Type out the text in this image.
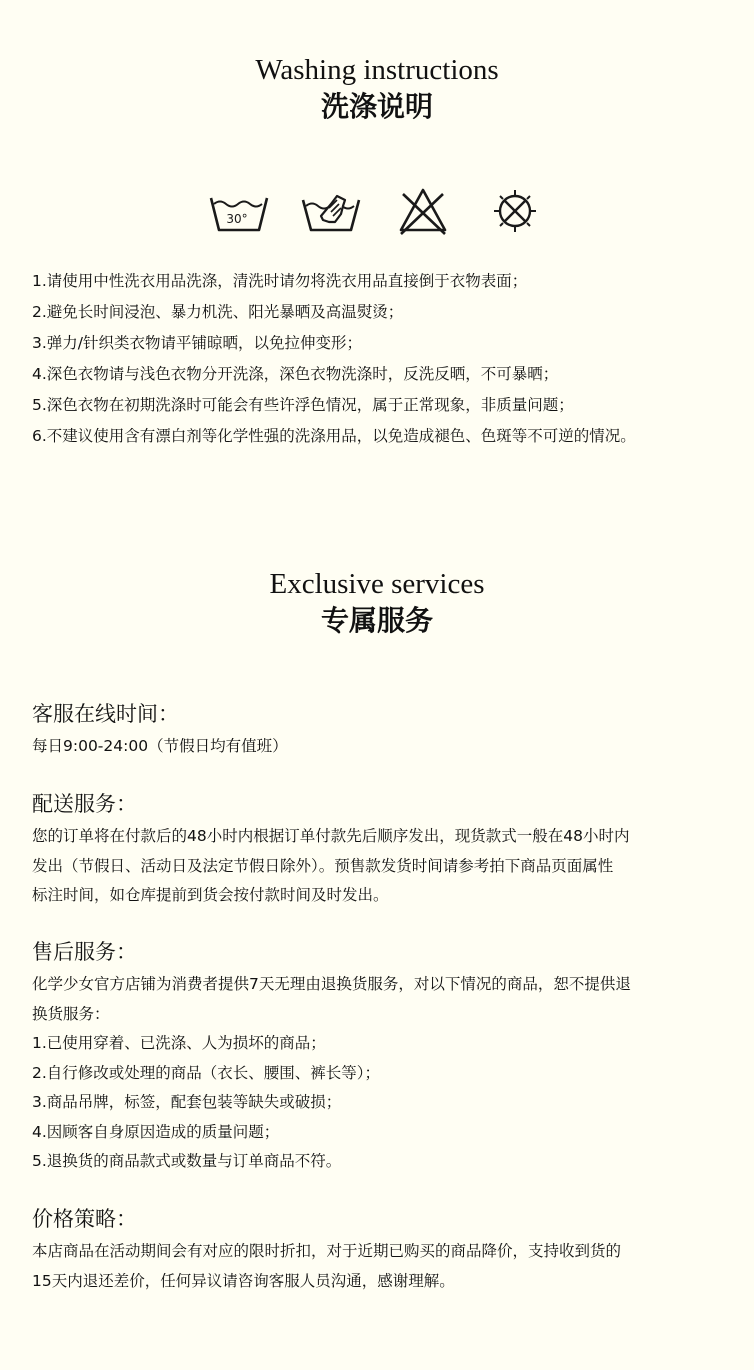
Washing instructions
洗涤说明
30°
1.请使用中性洗衣用品洗涤，清洗时请勿将洗衣用品直接倒于衣物表面；
2.避免长时间浸泡、暴力机洗、阳光暴晒及高温熨烫；
3.弹力/针织类衣物请平铺晾晒，以免拉伸变形；
4.深色衣物请与浅色衣物分开洗涤，深色衣物洗涤时，反洗反晒，不可暴晒；
5.深色衣物在初期洗涤时可能会有些许浮色情况，属于正常现象，非质量问题；
6.不建议使用含有漂白剂等化学性强的洗涤用品，以免造成褪色、色斑等不可逆的情况。
Exclusive services
专属服务
客服在线时间：

每日9:00-24:00（节假日均有值班）

配送服务：

您的订单将在付款后的48小时内根据订单付款先后顺序发出，现货款式一般在48小时内

发出（节假日、活动日及法定节假日除外）。预售款发货时间请参考拍下商品页面属性

标注时间，如仓库提前到货会按付款时间及时发出。

售后服务：

化学少女官方店铺为消费者提供7天无理由退换货服务，对以下情况的商品，恕不提供退

换货服务：

1.已使用穿着、已洗涤、人为损坏的商品；

2.自行修改或处理的商品（衣长、腰围、裤长等）；

3.商品吊牌，标签，配套包装等缺失或破损；

4.因顾客自身原因造成的质量问题；

5.退换货的商品款式或数量与订单商品不符。

价格策略：

本店商品在活动期间会有对应的限时折扣，对于近期已购买的商品降价，支持收到货的

15天内退还差价，任何异议请咨询客服人员沟通，感谢理解。
